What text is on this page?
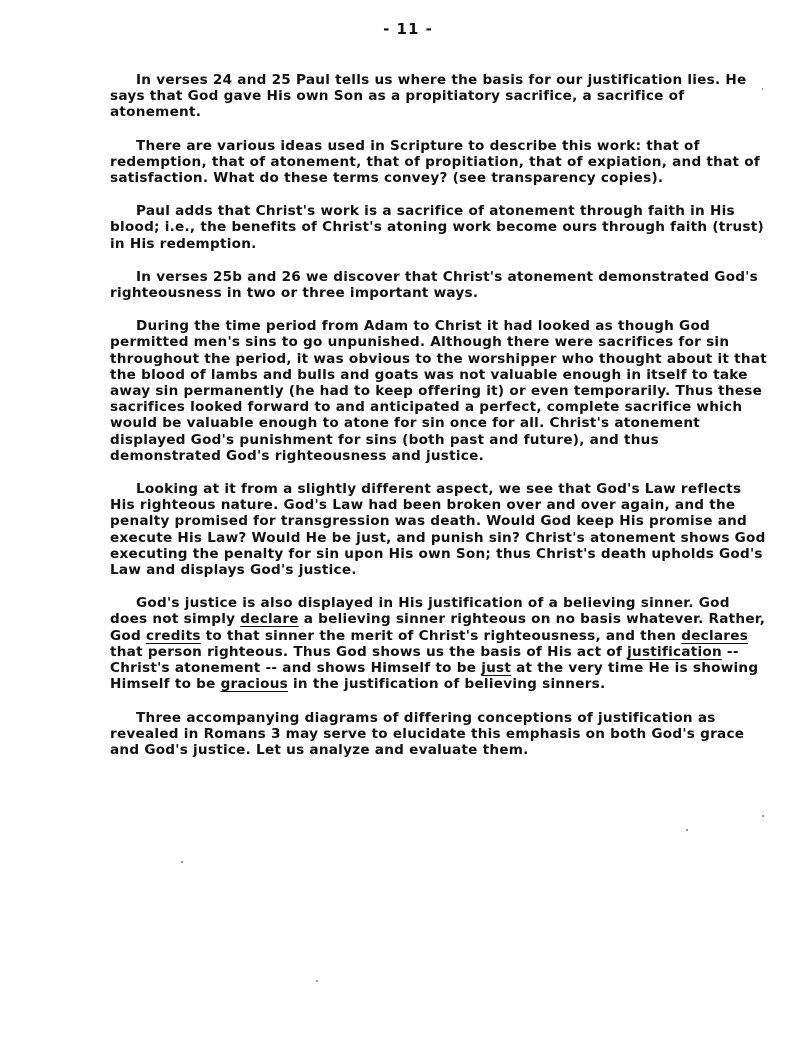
- 11 -

In verses 24 and 25 Paul tells us where the basis for our justification lies. He says that God gave His own Son as a propitiatory sacrifice, a sacrifice of atonement.

There are various ideas used in Scripture to describe this work: that of redemption, that of atonement, that of propitiation, that of expiation, and that of satisfaction. What do these terms convey? (see transparency copies).

Paul adds that Christ's work is a sacrifice of atonement through faith in His blood; i.e., the benefits of Christ's atoning work become ours through faith (trust) in His redemption.

In verses 25b and 26 we discover that Christ's atonement demonstrated God's righteousness in two or three important ways.

During the time period from Adam to Christ it had looked as though God permitted men's sins to go unpunished. Although there were sacrifices for sin throughout the period, it was obvious to the worshipper who thought about it that the blood of lambs and bulls and goats was not valuable enough in itself to take away sin permanently (he had to keep offering it) or even temporarily. Thus these sacrifices looked forward to and anticipated a perfect, complete sacrifice which would be valuable enough to atone for sin once for all. Christ's atonement displayed God's punishment for sins (both past and future), and thus demonstrated God's righteousness and justice.

Looking at it from a slightly different aspect, we see that God's Law reflects His righteous nature. God's Law had been broken over and over again, and the penalty promised for transgression was death. Would God keep His promise and execute His Law? Would He be just, and punish sin? Christ's atonement shows God executing the penalty for sin upon His own Son; thus Christ's death upholds God's Law and displays God's justice.

God's justice is also displayed in His justification of a believing sinner. God does not simply declare a believing sinner righteous on no basis whatever. Rather, God credits to that sinner the merit of Christ's righteousness, and then declares that person righteous. Thus God shows us the basis of His act of justification -- Christ's atonement -- and shows Himself to be just at the very time He is showing Himself to be gracious in the justification of believing sinners.

Three accompanying diagrams of differing conceptions of justification as revealed in Romans 3 may serve to elucidate this emphasis on both God's grace and God's justice. Let us analyze and evaluate them.
